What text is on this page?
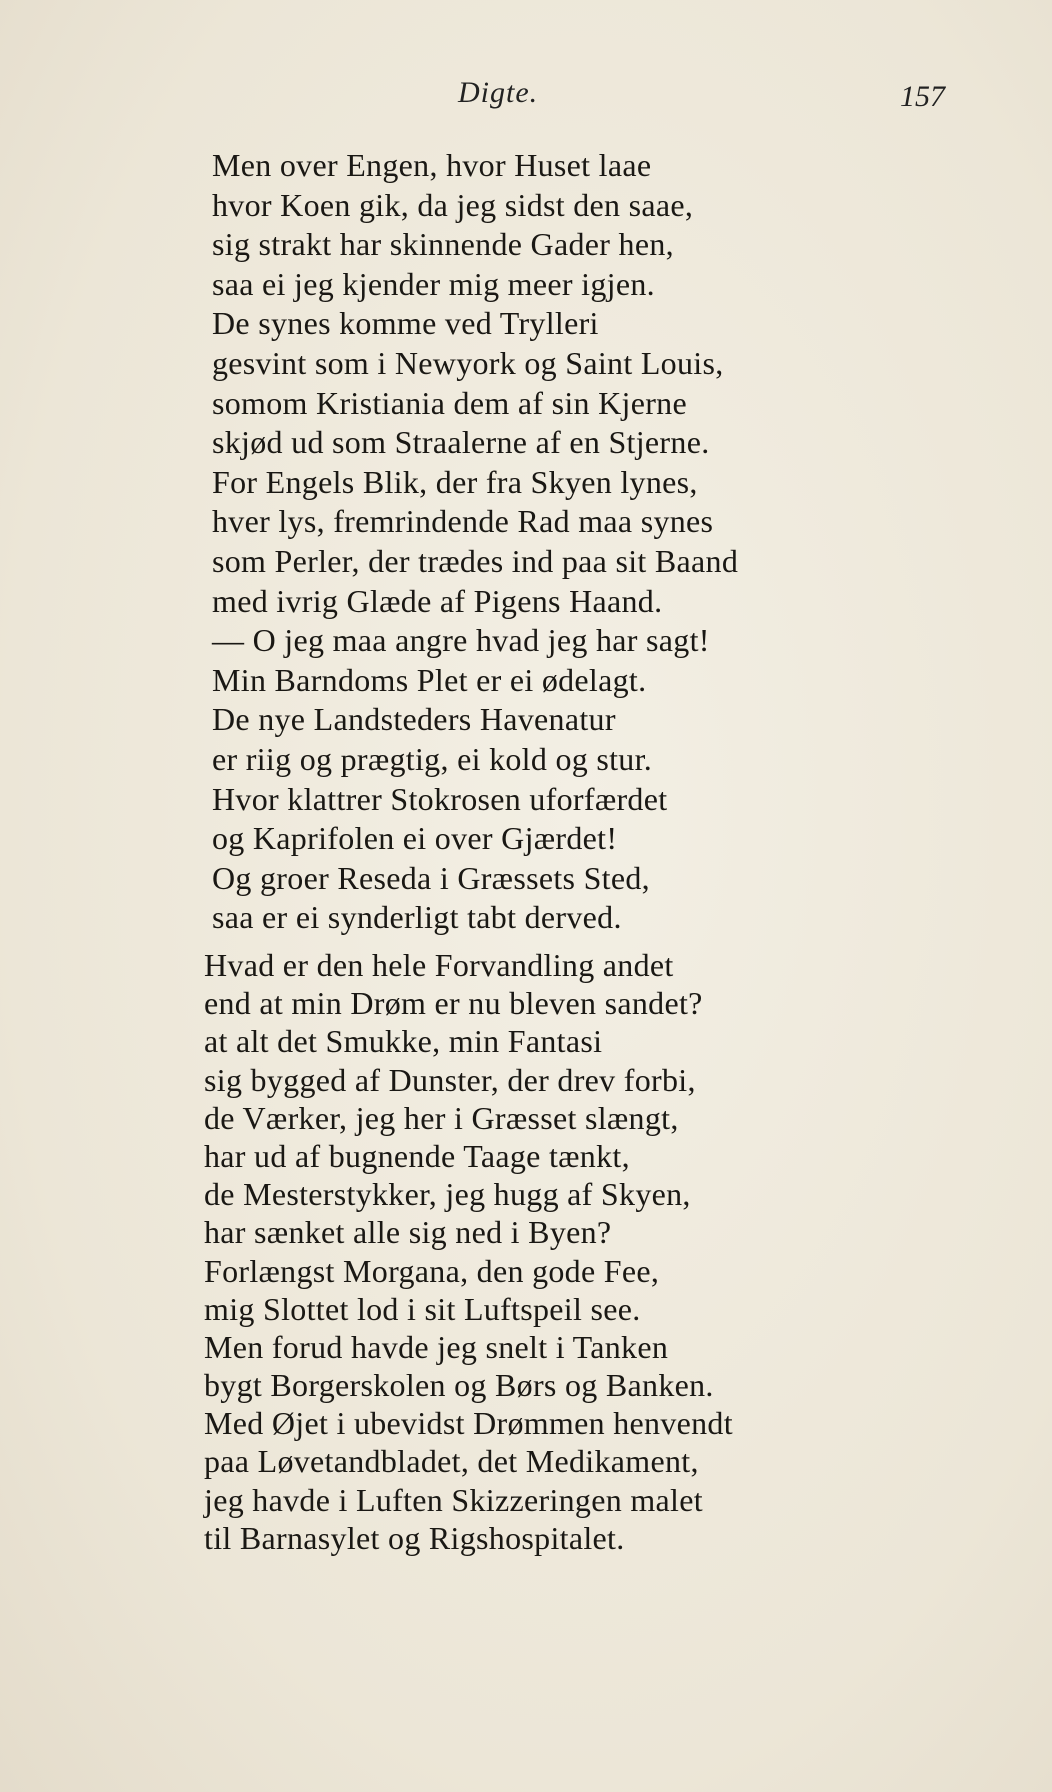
Digte.	157
Men over Engen, hvor Huset laae
hvor Koen gik, da jeg sidst den saae,
sig strakt har skinnende Gader hen,
saa ei jeg kjender mig meer igjen.
De synes komme ved Trylleri
gesvint som i Newyork og Saint Louis,
somom Kristiania dem af sin Kjerne
skjød ud som Straalerne af en Stjerne.
For Engels Blik, der fra Skyen lynes,
hver lys, fremrindende Rad maa synes
som Perler, der trædes ind paa sit Baand
med ivrig Glæde af Pigens Haand.
— O jeg maa angre hvad jeg har sagt!
Min Barndoms Plet er ei ødelagt.
De nye Landsteders Havenatur
er riig og prægtig, ei kold og stur.
Hvor klattrer Stokrosen uforfærdet
og Kaprifolen ei over Gjærdet!
Og groer Reseda i Græssets Sted,
saa er ei synderligt tabt derved.
Hvad er den hele Forvandling andet
end at min Drøm er nu bleven sandet?
at alt det Smukke, min Fantasi
sig bygged af Dunster, der drev forbi,
de Værker, jeg her i Græsset slængt,
har ud af bugnende Taage tænkt,
de Mesterstykker, jeg hugg af Skyen,
har sænket alle sig ned i Byen?
Forlængst Morgana, den gode Fee,
mig Slottet lod i sit Luftspeil see.
Men forud havde jeg snelt i Tanken
bygt Borgerskolen og Børs og Banken.
Med Øjet i ubevidst Drømmen henvendt
paa Løvetandbladet, det Medikament,
jeg havde i Luften Skizzeringen malet
til Barnasylet og Rigshospitalet.
